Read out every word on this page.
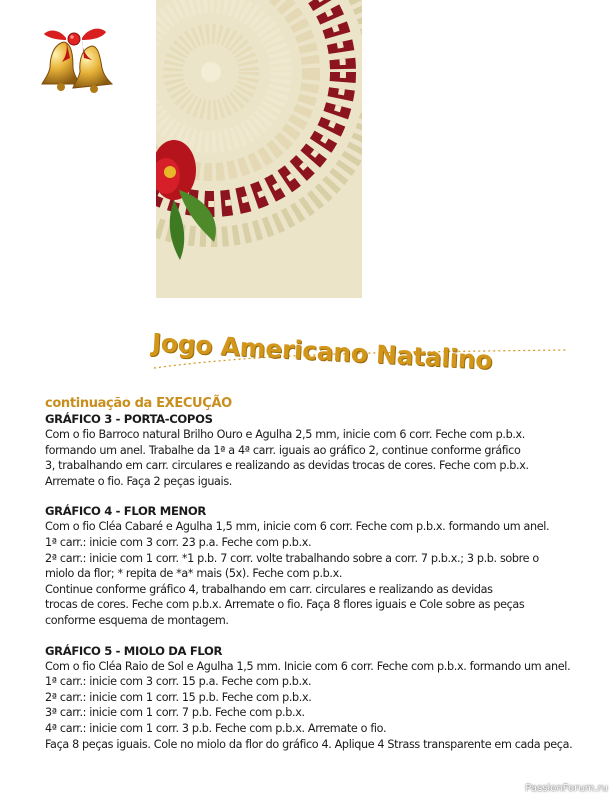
Jogo Americano Natalino
continuação da EXECUÇÃO
GRÁFICO 3 - PORTA-COPOS
Com o fio Barroco natural Brilho Ouro e Agulha 2,5 mm, inicie com 6 corr. Feche com p.b.x.
formando um anel. Trabalhe da 1ª a 4ª carr. iguais ao gráfico 2, continue conforme gráfico
3, trabalhando em carr. circulares e realizando as devidas trocas de cores. Feche com p.b.x.
Arremate o fio. Faça 2 peças iguais.
GRÁFICO 4 - FLOR MENOR
Com o fio Cléa Cabaré e Agulha 1,5 mm, inicie com 6 corr. Feche com p.b.x. formando um anel.
1ª carr.: inicie com 3 corr. 23 p.a. Feche com p.b.x.
2ª carr.: inicie com 1 corr. *1 p.b. 7 corr. volte trabalhando sobre a corr. 7 p.b.x.; 3 p.b. sobre o
miolo da flor; * repita de *a* mais (5x). Feche com p.b.x.
Continue conforme gráfico 4, trabalhando em carr. circulares e realizando as devidas
trocas de cores. Feche com p.b.x. Arremate o fio. Faça 8 flores iguais e Cole sobre as peças
conforme esquema de montagem.
GRÁFICO 5 - MIOLO DA FLOR
Com o fio Cléa Raio de Sol e Agulha 1,5 mm. Inicie com 6 corr. Feche com p.b.x. formando um anel.
1ª carr.: inicie com 3 corr. 15 p.a. Feche com p.b.x.
2ª carr.: inicie com 1 corr. 15 p.b. Feche com p.b.x.
3ª carr.: inicie com 1 corr. 7 p.b. Feche com p.b.x.
4ª carr.: inicie com 1 corr. 3 p.b. Feche com p.b.x. Arremate o fio.
Faça 8 peças iguais. Cole no miolo da flor do gráfico 4. Aplique 4 Strass transparente em cada peça.
PassionForum.ru
